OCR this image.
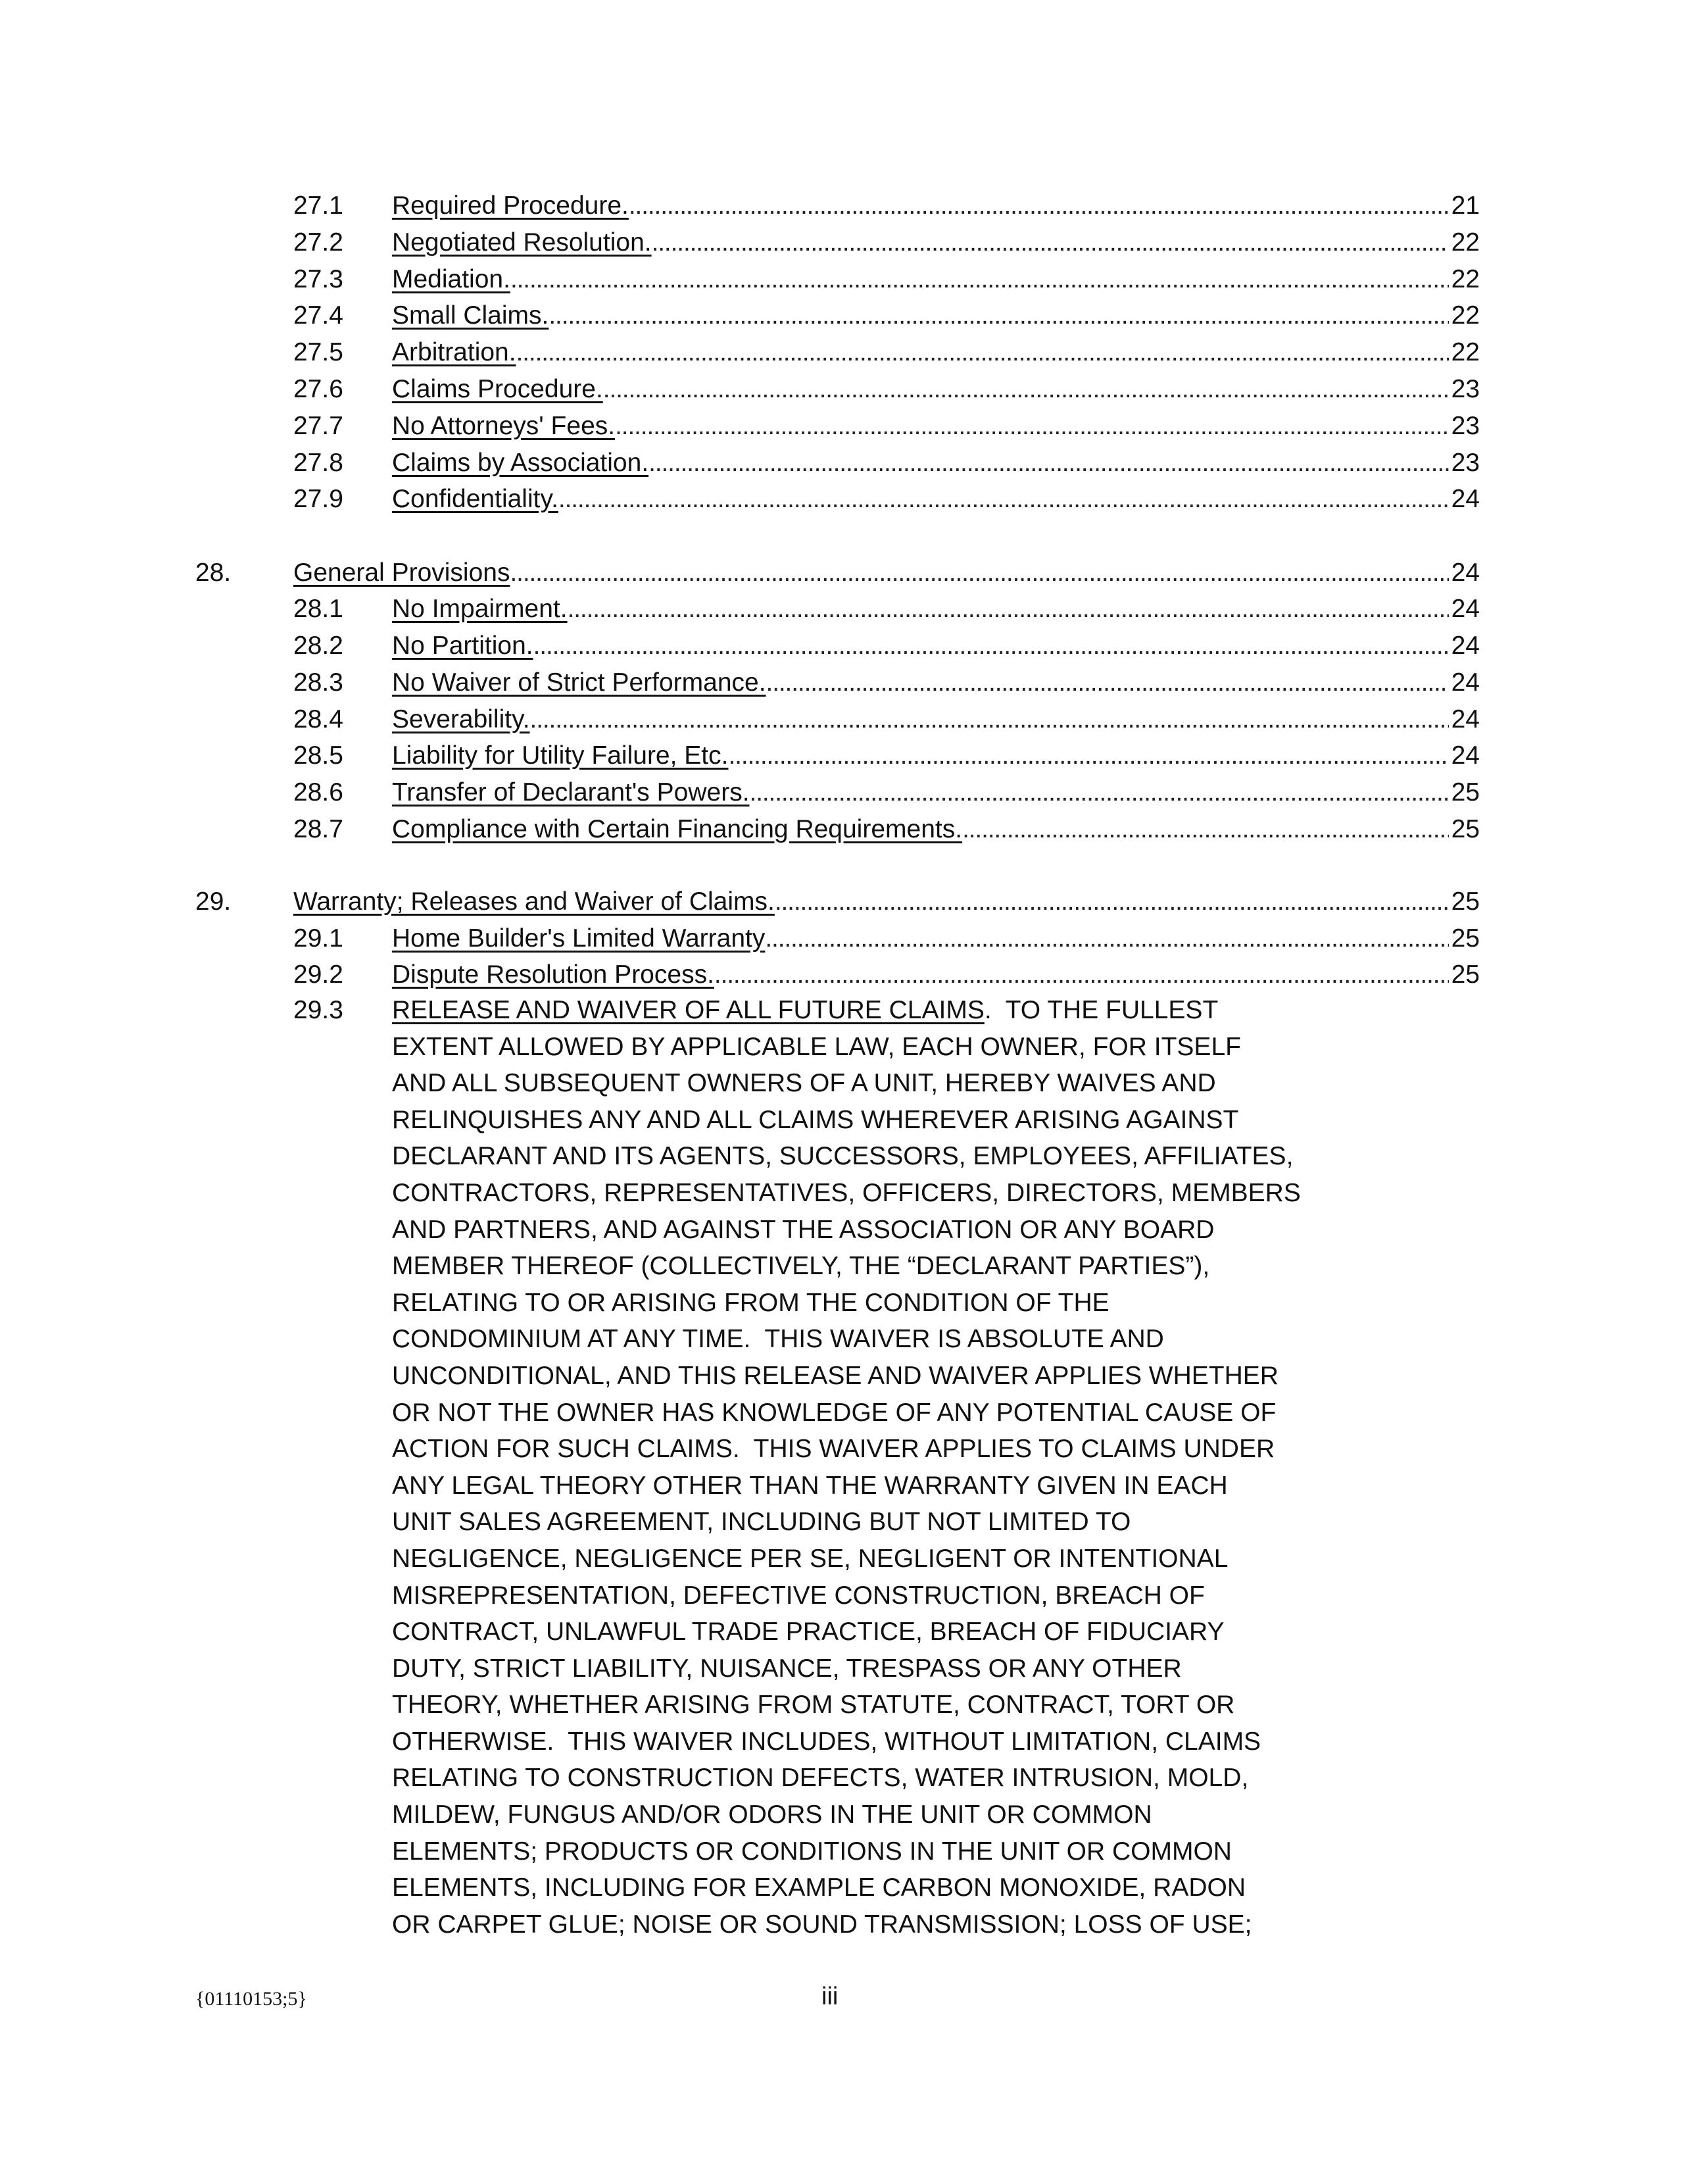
27.1 Required Procedure. . . .	21
27.2 Negotiated Resolution. . . .	22
27.3 Mediation. . . .	22
27.4 Small Claims. . . .	22
27.5 Arbitration. . . .	22
27.6 Claims Procedure. . . .	23
27.7 No Attorneys' Fees. . . .	23
27.8 Claims by Association. . . .	23
27.9 Confidentiality. . . .	24
28. General Provisions . . .	24
28.1 No Impairment. . . .	24
28.2 No Partition. . . .	24
28.3 No Waiver of Strict Performance. . . .	24
28.4 Severability. . . .	24
28.5 Liability for Utility Failure, Etc. . . .	24
28.6 Transfer of Declarant's Powers. . . .	25
28.7 Compliance with Certain Financing Requirements. . . .	25
29. Warranty; Releases and Waiver of Claims. . . .	25
29.1 Home Builder's Limited Warranty . . .	25
29.2 Dispute Resolution Process. . . .	25
29.3 RELEASE AND WAIVER OF ALL FUTURE CLAIMS.  TO THE FULLEST
EXTENT ALLOWED BY APPLICABLE LAW, EACH OWNER, FOR ITSELF
AND ALL SUBSEQUENT OWNERS OF A UNIT, HEREBY WAIVES AND
RELINQUISHES ANY AND ALL CLAIMS WHEREVER ARISING AGAINST
DECLARANT AND ITS AGENTS, SUCCESSORS, EMPLOYEES, AFFILIATES,
CONTRACTORS, REPRESENTATIVES, OFFICERS, DIRECTORS, MEMBERS
AND PARTNERS, AND AGAINST THE ASSOCIATION OR ANY BOARD
MEMBER THEREOF (COLLECTIVELY, THE “DECLARANT PARTIES”),
RELATING TO OR ARISING FROM THE CONDITION OF THE
CONDOMINIUM AT ANY TIME.  THIS WAIVER IS ABSOLUTE AND
UNCONDITIONAL, AND THIS RELEASE AND WAIVER APPLIES WHETHER
OR NOT THE OWNER HAS KNOWLEDGE OF ANY POTENTIAL CAUSE OF
ACTION FOR SUCH CLAIMS.  THIS WAIVER APPLIES TO CLAIMS UNDER
ANY LEGAL THEORY OTHER THAN THE WARRANTY GIVEN IN EACH
UNIT SALES AGREEMENT, INCLUDING BUT NOT LIMITED TO
NEGLIGENCE, NEGLIGENCE PER SE, NEGLIGENT OR INTENTIONAL
MISREPRESENTATION, DEFECTIVE CONSTRUCTION, BREACH OF
CONTRACT, UNLAWFUL TRADE PRACTICE, BREACH OF FIDUCIARY
DUTY, STRICT LIABILITY, NUISANCE, TRESPASS OR ANY OTHER
THEORY, WHETHER ARISING FROM STATUTE, CONTRACT, TORT OR
OTHERWISE.  THIS WAIVER INCLUDES, WITHOUT LIMITATION, CLAIMS
RELATING TO CONSTRUCTION DEFECTS, WATER INTRUSION, MOLD,
MILDEW, FUNGUS AND/OR ODORS IN THE UNIT OR COMMON
ELEMENTS; PRODUCTS OR CONDITIONS IN THE UNIT OR COMMON
ELEMENTS, INCLUDING FOR EXAMPLE CARBON MONOXIDE, RADON
OR CARPET GLUE; NOISE OR SOUND TRANSMISSION; LOSS OF USE;
{01110153;5}	iii
